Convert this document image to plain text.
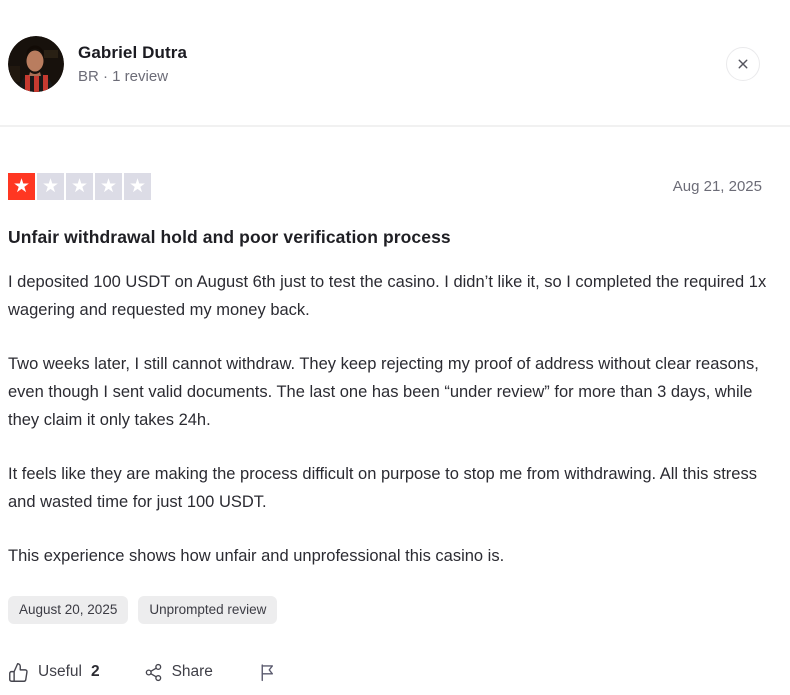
Gabriel Dutra
BR · 1 review
★ ★ ★ ★ ★	Aug 21, 2025
Unfair withdrawal hold and poor verification process

I deposited 100 USDT on August 6th just to test the casino. I didn’t like it, so I completed the required 1x wagering and requested my money back.

Two weeks later, I still cannot withdraw. They keep rejecting my proof of address without clear reasons, even though I sent valid documents. The last one has been “under review” for more than 3 days, while they claim it only takes 24h.

It feels like they are making the process difficult on purpose to stop me from withdrawing. All this stress and wasted time for just 100 USDT.

This experience shows how unfair and unprofessional this casino is.

August 20, 2025	Unprompted review
Useful 2	Share
